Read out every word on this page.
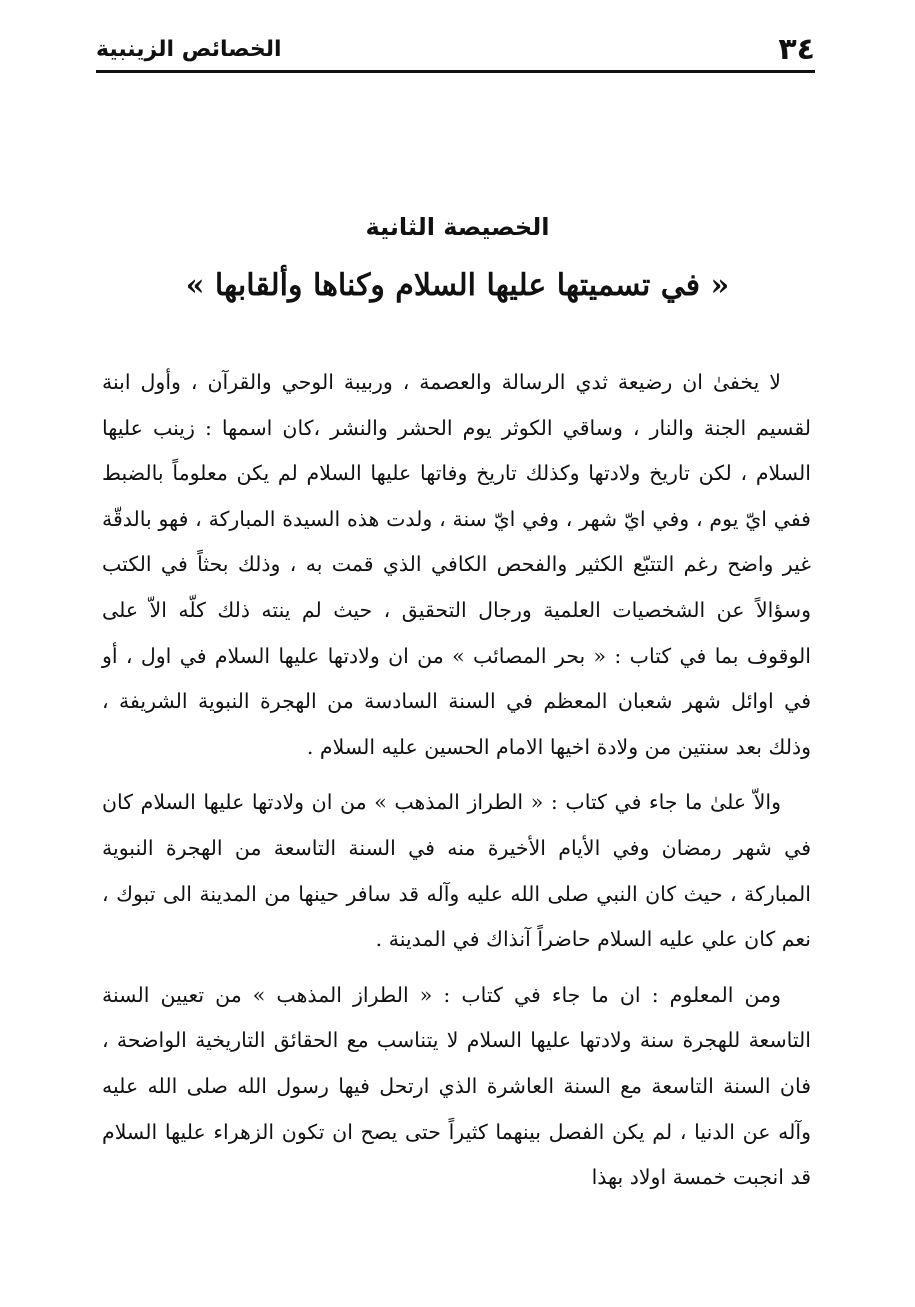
٣٤
الخصائص الزينبية
الخصيصة الثانية
« في تسميتها عليها السلام وكناها وألقابها »

لا يخفىٰ ان رضيعة ثدي الرسالة والعصمة ، وربيبة الوحي والقرآن ، وأول ابنة لقسيم الجنة والنار ، وساقي الكوثر يوم الحشر والنشر ،كان اسمها : زينب عليها السلام ، لكن تاريخ ولادتها وكذلك تاريخ وفاتها عليها السلام لم يكن معلوماً بالضبط ففي ايّ يوم ، وفي ايّ شهر ، وفي ايّ سنة ، ولدت هذه السيدة المباركة ، فهو بالدقّة غير واضح رغم التتبّع الكثير والفحص الكافي الذي قمت به ، وذلك بحثاً في الكتب وسؤالاً عن الشخصيات العلمية ورجال التحقيق ، حيث لم ينته ذلك كلّه الاّ على الوقوف بما في كتاب : « بحر المصائب » من ان ولادتها عليها السلام في اول ، أو في اوائل شهر شعبان المعظم في السنة السادسة من الهجرة النبوية الشريفة ، وذلك بعد سنتين من ولادة اخيها الامام الحسين عليه السلام .

والاّ علىٰ ما جاء في كتاب : « الطراز المذهب » من ان ولادتها عليها السلام كان في شهر رمضان وفي الأيام الأخيرة منه في السنة التاسعة من الهجرة النبوية المباركة ، حيث كان النبي صلى الله عليه وآله قد سافر حينها من المدينة الى تبوك ، نعم كان علي عليه السلام حاضراً آنذاك في المدينة .

ومن المعلوم : ان ما جاء في كتاب : « الطراز المذهب » من تعيين السنة التاسعة للهجرة سنة ولادتها عليها السلام لا يتناسب مع الحقائق التاريخية الواضحة ، فان السنة التاسعة مع السنة العاشرة الذي ارتحل فيها رسول الله صلى الله عليه وآله عن الدنيا ، لم يكن الفصل بينهما كثيراً حتى يصح ان تكون الزهراء عليها السلام قد انجبت خمسة اولاد بهذا
